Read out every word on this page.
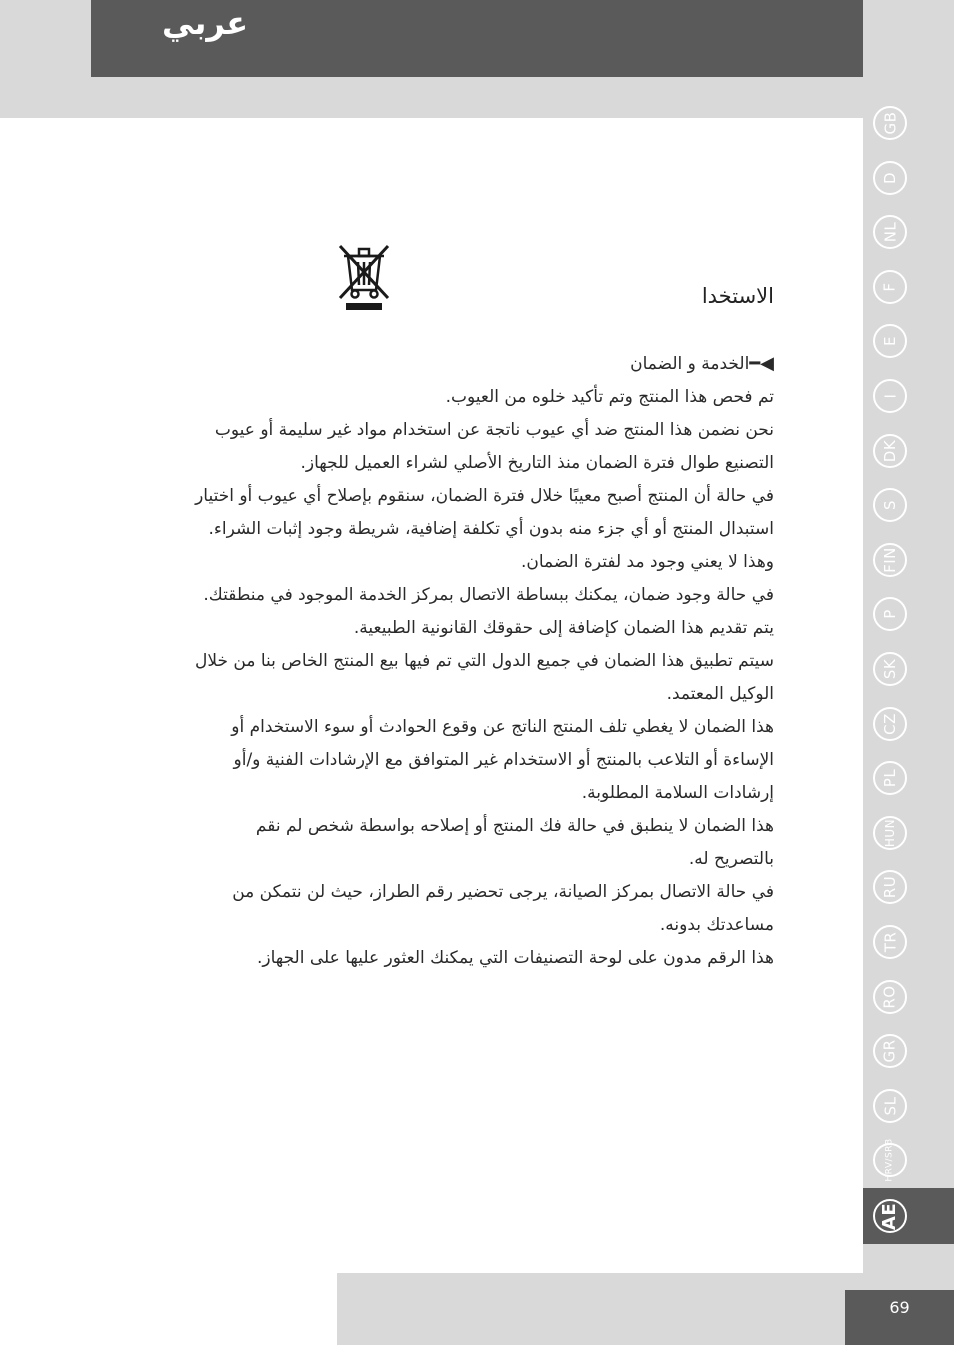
عربي
الاستخدا

◀━الخدمة و الضمان

تم فحص هذا المنتج وتم تأكيد خلوه من العيوب.

نحن نضمن هذا المنتج ضد أي عيوب ناتجة عن استخدام مواد غير سليمة أو عيوب التصنيع طوال فترة الضمان منذ التاريخ الأصلي لشراء العميل للجهاز.

في حالة أن المنتج أصبح معيبًا خلال فترة الضمان، سنقوم بإصلاح أي عيوب أو اختيار استبدال المنتج أو أي جزء منه بدون أي تكلفة إضافية، شريطة وجود إثبات الشراء.

وهذا لا يعني وجود مد لفترة الضمان.

في حالة وجود ضمان، يمكنك ببساطة الاتصال بمركز الخدمة الموجود في منطقتك.

يتم تقديم هذا الضمان كإضافة إلى حقوقك القانونية الطبيعية.

سيتم تطبيق هذا الضمان في جميع الدول التي تم فيها بيع المنتج الخاص بنا من خلال الوكيل المعتمد.

هذا الضمان لا يغطي تلف المنتج الناتج عن وقوع الحوادث أو سوء الاستخدام أو الإساءة أو التلاعب بالمنتج أو الاستخدام غير المتوافق مع الإرشادات الفنية و/أو إرشادات السلامة المطلوبة.

هذا الضمان لا ينطبق في حالة فك المنتج أو إصلاحه بواسطة شخص لم نقم بالتصريح له.

في حالة الاتصال بمركز الصيانة، يرجى تحضير رقم الطراز، حيث لن نتمكن من مساعدتك بدونه.

هذا الرقم مدون على لوحة التصنيفات التي يمكنك العثور عليها على الجهاز.

GB
D
NL
F
E
I
DK
S
FIN
P
SK
CZ
PL
HUN
RU
TR
RO
GR
SL
HRV/SRB
AE
69
